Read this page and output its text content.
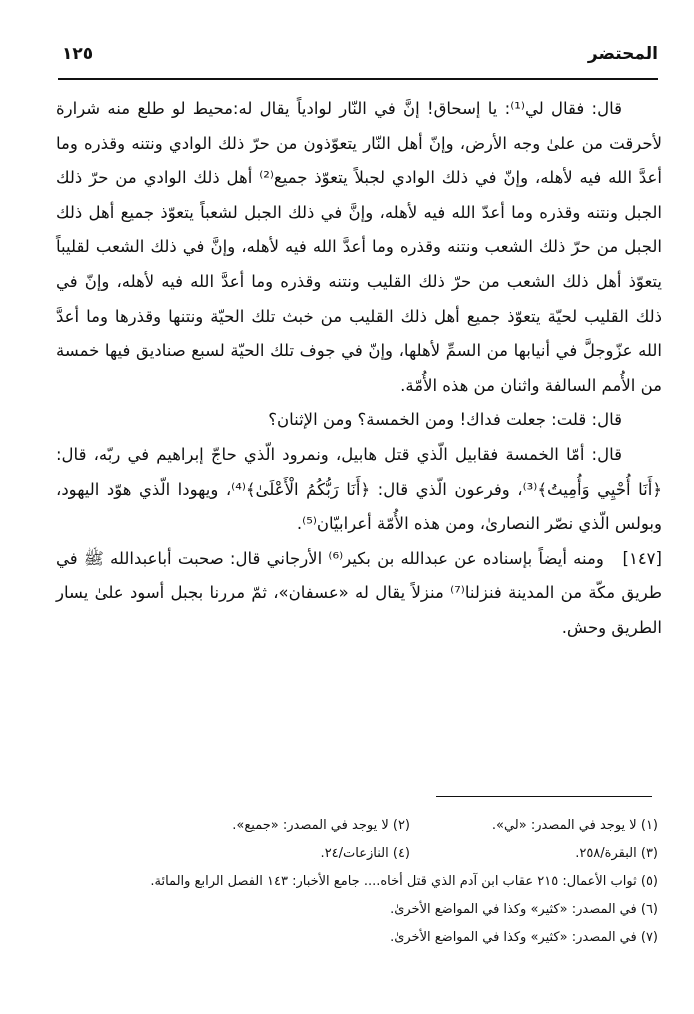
المحتضر
١٢٥

قال: فقال لي⁽¹⁾: يا إسحاق! إنَّ في النّار لوادياً يقال له:محيط لو طلع منه شرارة لأحرقت من علىٰ وجه الأرض، وإنّ أهل النّار يتعوّذون من حرّ ذلك الوادي ونتنه وقذره وما أعدَّ الله فيه لأهله، وإنّ في ذلك الوادي لجبلاً يتعوّذ جميع⁽²⁾ أهل ذلك الوادي من حرّ ذلك الجبل ونتنه وقذره وما أعدّ الله فيه لأهله، وإنَّ في ذلك الجبل لشعباً يتعوّذ جميع أهل ذلك الجبل من حرّ ذلك الشعب ونتنه وقذره وما أعدَّ الله فيه لأهله، وإنَّ في ذلك الشعب لقليباً يتعوّذ أهل ذلك الشعب من حرّ ذلك القليب ونتنه وقذره وما أعدَّ الله فيه لأهله، وإنّ في ذلك القليب لحيّة يتعوّذ جميع أهل ذلك القليب من خبث تلك الحيّة ونتنها وقذرها وما أعدَّ الله عزّوجلَّ في أنيابها من السمِّ لأهلها، وإنّ في جوف تلك الحيّة لسبع صناديق فيها خمسة من الأُمم السالفة واثنان من هذه الأُمّة.

قال: قلت: جعلت فداك! ومن الخمسة؟ ومن الإثنان؟

قال: أمّا الخمسة فقابيل الّذي قتل هابيل، ونمرود الّذي حاجّ إبراهيم في ربّه، قال: ﴿أَنَا أُحْيِي وَأُمِيتُ﴾⁽³⁾، وفرعون الّذي قال: ﴿أَنَا رَبُّكُمُ الْأَعْلَىٰ﴾⁽⁴⁾، ويهودا الّذي هوّد اليهود، وبولس الّذي نصّر النصارىٰ، ومن هذه الأُمّة أعرابيّان⁽⁵⁾.

[١٤٧]   ومنه أيضاً بإسناده عن عبدالله بن بكير⁽⁶⁾ الأرجاني قال: صحبت أباعبدالله ﷺ في طريق مكّة من المدينة فنزلنا⁽⁷⁾ منزلاً يقال له «عسفان»، ثمّ مررنا بجبل أسود علىٰ يسار الطريق وحش.

(١) لا يوجد في المصدر: «لي».
(٢) لا يوجد في المصدر: «جميع».
(٣) البقرة/٢٥٨.
(٤) النازعات/٢٤.
(٥) ثواب الأعمال: ٢١٥ عقاب ابن آدم الذي قتل أخاه.... جامع الأخبار: ١٤٣ الفصل الرابع والمائة.
(٦) في المصدر: «كثير» وكذا في المواضع الأخرىٰ.
(٧) في المصدر: «كثير» وكذا في المواضع الأخرىٰ.
